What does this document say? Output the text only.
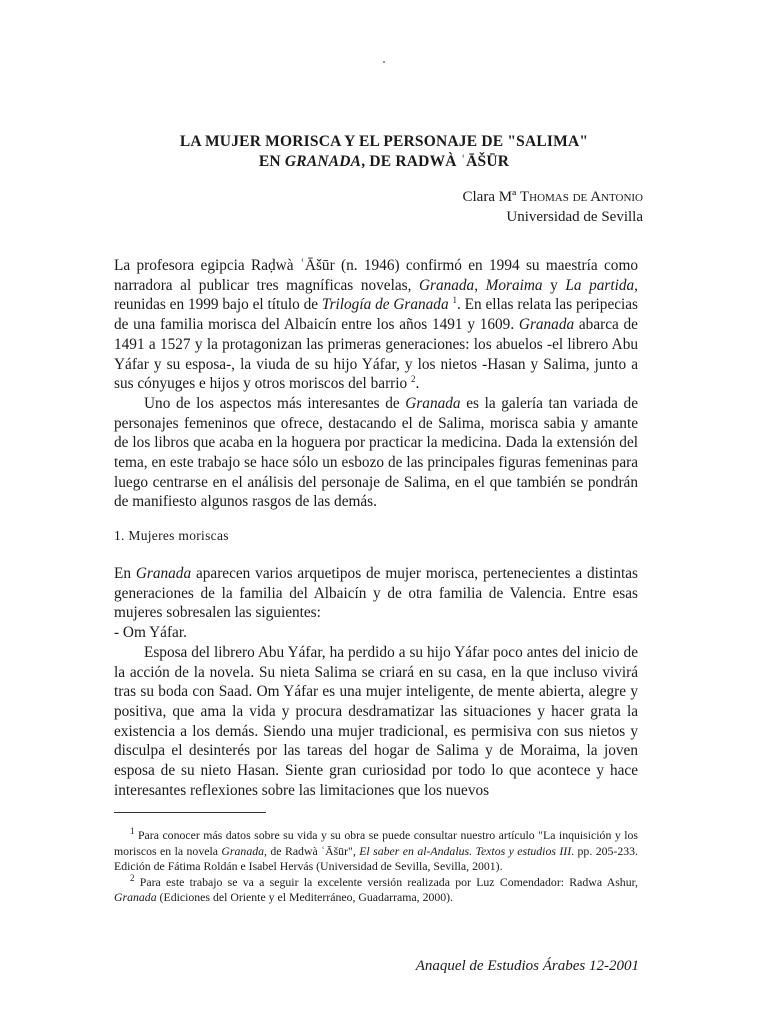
LA MUJER MORISCA Y EL PERSONAJE DE "SALIMA"
EN GRANADA, DE RADWÀ ʿĀŠŪR
Clara Mª Thomas de Antonio
Universidad de Sevilla

La profesora egipcia Raḍwà ʿĀšūr (n. 1946) confirmó en 1994 su maestría como narradora al publicar tres magníficas novelas, Granada, Moraima y La partida, reunidas en 1999 bajo el título de Trilogía de Granada $^1$. En ellas relata las peripecias de una familia morisca del Albaicín entre los años 1491 y 1609. Granada abarca de 1491 a 1527 y la protagonizan las primeras generaciones: los abuelos -el librero Abu Yáfar y su esposa-, la viuda de su hijo Yáfar, y los nietos -Hasan y Salima, junto a sus cónyuges e hijos y otros moriscos del barrio $^2$.

Uno de los aspectos más interesantes de Granada es la galería tan variada de personajes femeninos que ofrece, destacando el de Salima, morisca sabia y amante de los libros que acaba en la hoguera por practicar la medicina. Dada la extensión del tema, en este trabajo se hace sólo un esbozo de las principales figuras femeninas para luego centrarse en el análisis del personaje de Salima, en el que también se pondrán de manifiesto algunos rasgos de las demás.

1. Mujeres moriscas

En Granada aparecen varios arquetipos de mujer morisca, pertenecientes a distintas generaciones de la familia del Albaicín y de otra familia de Valencia. Entre esas mujeres sobresalen las siguientes:

- Om Yáfar.

Esposa del librero Abu Yáfar, ha perdido a su hijo Yáfar poco antes del inicio de la acción de la novela. Su nieta Salima se criará en su casa, en la que incluso vivirá tras su boda con Saad. Om Yáfar es una mujer inteligente, de mente abierta, alegre y positiva, que ama la vida y procura desdramatizar las situaciones y hacer grata la existencia a los demás. Siendo una mujer tradicional, es permisiva con sus nietos y disculpa el desinterés por las tareas del hogar de Salima y de Moraima, la joven esposa de su nieto Hasan. Siente gran curiosidad por todo lo que acontece y hace interesantes reflexiones sobre las limitaciones que los nuevos

$^1$ Para conocer más datos sobre su vida y su obra se puede consultar nuestro artículo "La inquisición y los moriscos en la novela Granada, de Radwà ʿĀšūr", El saber en al-Andalus. Textos y estudios III. pp. 205-233. Edición de Fátima Roldán e Isabel Hervás (Universidad de Sevilla, Sevilla, 2001).

$^2$ Para este trabajo se va a seguir la excelente versión realizada por Luz Comendador: Radwa Ashur, Granada (Ediciones del Oriente y el Mediterráneo, Guadarrama, 2000).

Anaquel de Estudios Árabes 12-2001
